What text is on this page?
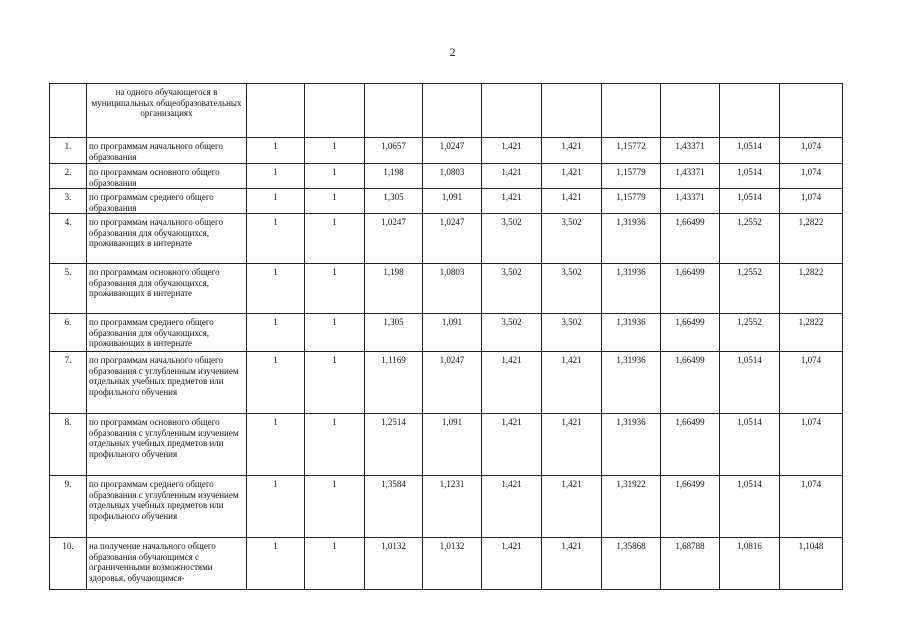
2
	на одного обучающегося в муниципальных общеобразовательных организациях										
1.	по программам начального общего образования	1	1	1,0657	1,0247	1,421	1,421	1,15772	1,43371	1,0514	1,074
2.	по программам основного общего образования	1	1	1,198	1,0803	1,421	1,421	1,15779	1,43371	1,0514	1,074
3.	по программам среднего общего образования	1	1	1,305	1,091	1,421	1,421	1,15779	1,43371	1,0514	1,074
4.	по программам начального общего образования для обучающихся, проживающих в интернате	1	1	1,0247	1,0247	3,502	3,502	1,31936	1,66499	1,2552	1,2822
5.	по программам основного общего образования для обучающихся, проживающих в интернате	1	1	1,198	1,0803	3,502	3,502	1,31936	1,66499	1,2552	1,2822
6.	по программам среднего общего образования для обучающихся, проживающих в интернате	1	1	1,305	1,091	3,502	3,502	1,31936	1,66499	1,2552	1,2822
7.	по программам начального общего образования с углубленным изучением отдельных учебных предметов или профильного обучения	1	1	1,1169	1,0247	1,421	1,421	1,31936	1,66499	1,0514	1,074
8.	по программам основного общего образования с углубленным изучением отдельных учебных предметов или профильного обучения	1	1	1,2514	1,091	1,421	1,421	1,31936	1,66499	1,0514	1,074
9.	по программам среднего общего образования с углубленным изучением отдельных учебных предметов или профильного обучения	1	1	1,3584	1,1231	1,421	1,421	1,31922	1,66499	1,0514	1,074
10.	на получение начального общего образования обучающимся с ограниченными возможностями здоровья, обучающимся-	1	1	1,0132	1,0132	1,421	1,421	1,35868	1,68788	1,0816	1,1048
